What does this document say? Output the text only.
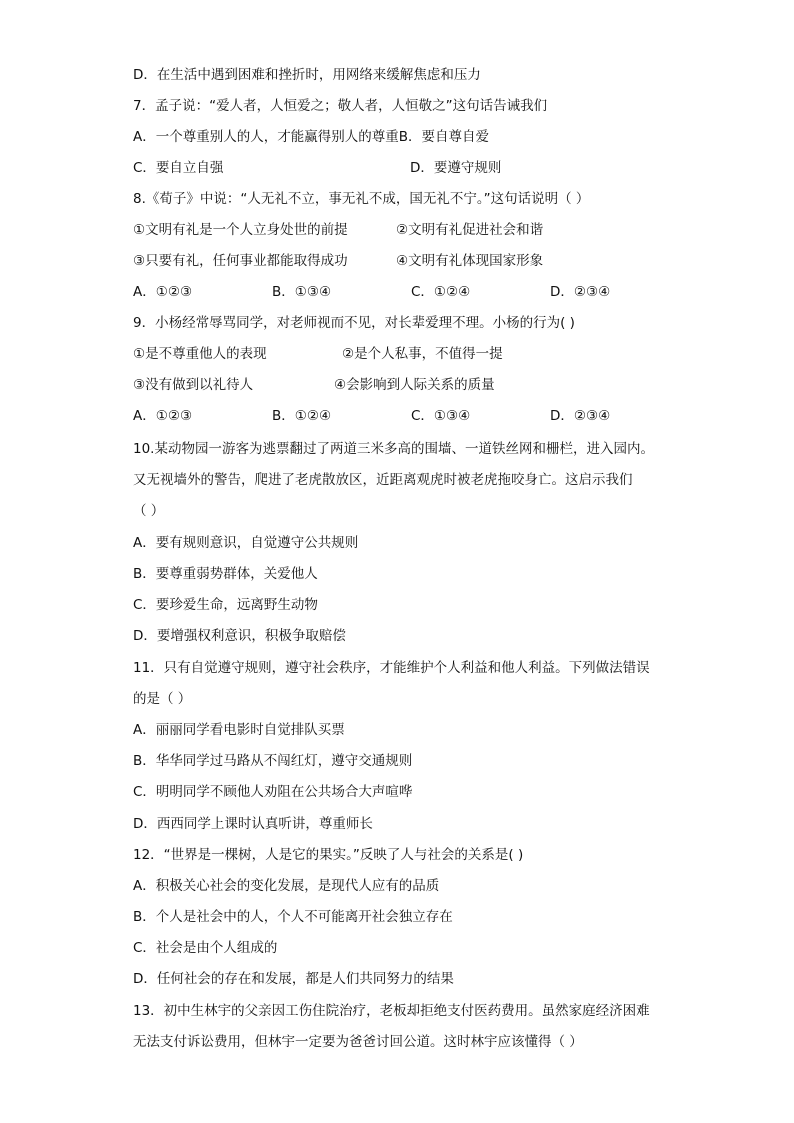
D．在生活中遇到困难和挫折时，用网络来缓解焦虑和压力
7．孟子说：“爱人者，人恒爱之；敬人者，人恒敬之”这句话告诫我们
A．一个尊重别人的人，才能赢得别人的尊重B．要自尊自爱
C．要自立自强	D．要遵守规则
8.《荀子》中说：“人无礼不立，事无礼不成，国无礼不宁。”这句话说明（ ）
①文明有礼是一个人立身处世的前提	②文明有礼促进社会和谐
③只要有礼，任何事业都能取得成功	④文明有礼体现国家形象
A．①②③	B．①③④	C．①②④	D．②③④
9．小杨经常辱骂同学，对老师视而不见，对长辈爱理不理。小杨的行为( )
①是不尊重他人的表现	②是个人私事，不值得一提
③没有做到以礼待人	④会影响到人际关系的质量
A．①②③	B．①②④	C．①③④	D．②③④
10.某动物园一游客为逃票翻过了两道三米多高的围墙、一道铁丝网和栅栏，进入园内。
又无视墙外的警告，爬进了老虎散放区，近距离观虎时被老虎拖咬身亡。这启示我们
（ ）
A．要有规则意识，自觉遵守公共规则
B．要尊重弱势群体，关爱他人
C．要珍爱生命，远离野生动物
D．要增强权利意识，积极争取赔偿
11．只有自觉遵守规则，遵守社会秩序，才能维护个人利益和他人利益。下列做法错误
的是（ ）
A．丽丽同学看电影时自觉排队买票
B．华华同学过马路从不闯红灯，遵守交通规则
C．明明同学不顾他人劝阻在公共场合大声喧哗
D．西西同学上课时认真听讲，尊重师长
12．“世界是一棵树，人是它的果实。”反映了人与社会的关系是( )
A．积极关心社会的变化发展，是现代人应有的品质
B．个人是社会中的人，个人不可能离开社会独立存在
C．社会是由个人组成的
D．任何社会的存在和发展，都是人们共同努力的结果
13．初中生林宇的父亲因工伤住院治疗，老板却拒绝支付医药费用。虽然家庭经济困难
无法支付诉讼费用，但林宇一定要为爸爸讨回公道。这时林宇应该懂得（ ）
